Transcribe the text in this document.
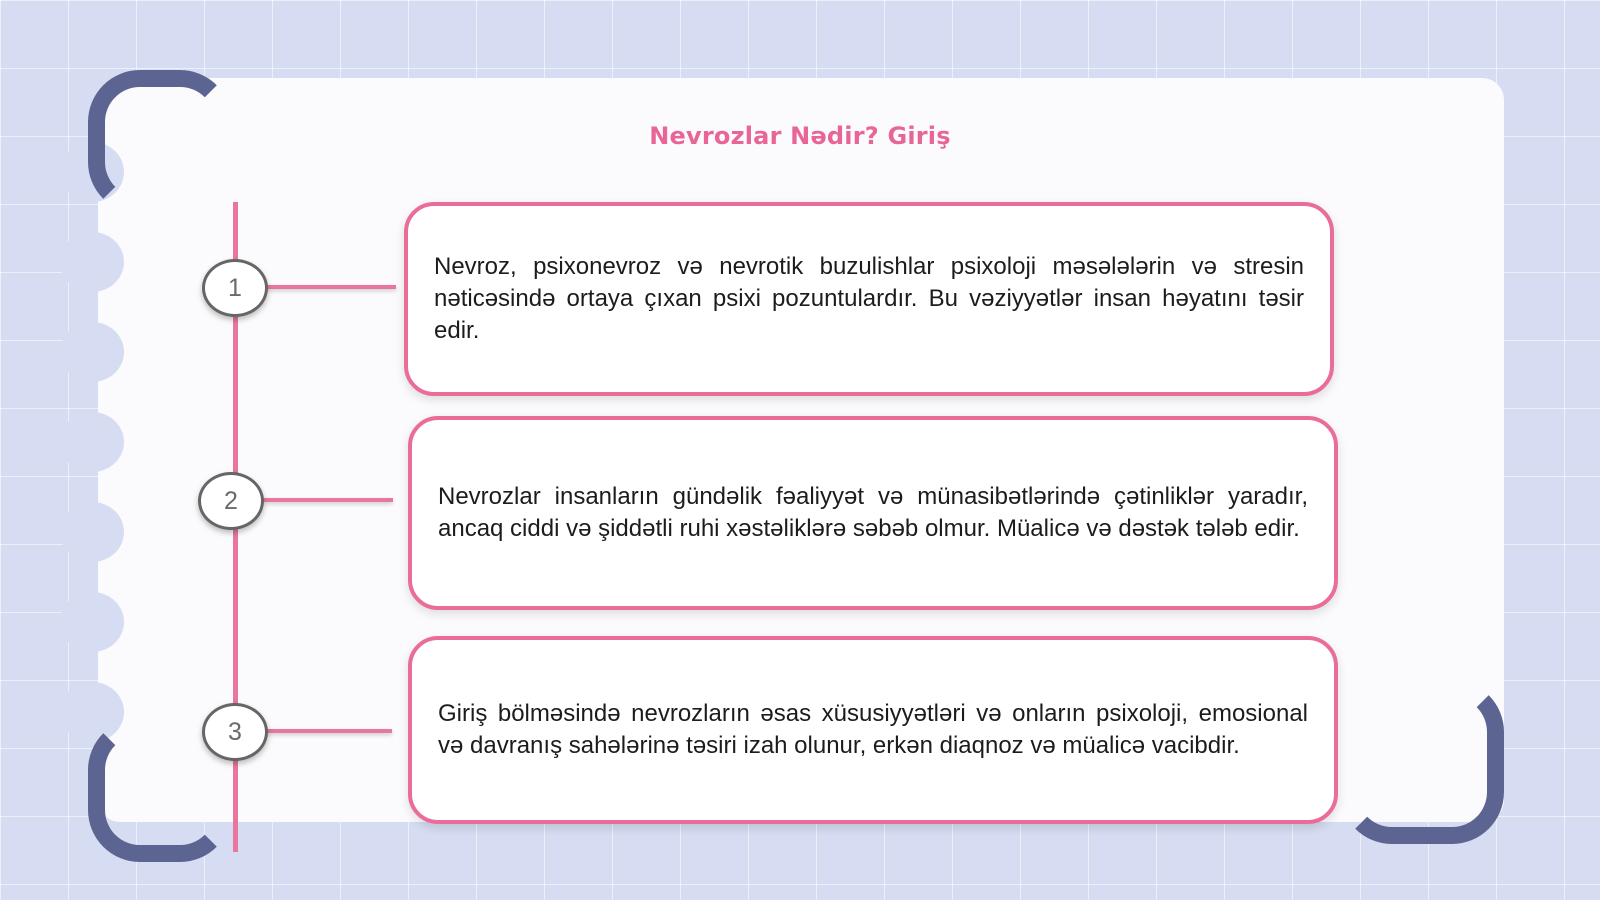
Nevrozlar Nədir? Giriş
1
2
3

Nevroz, psixonevroz və nevrotik buzulishlar psixoloji məsələlərin və stresin nəticəsində ortaya çıxan psixi pozuntulardır. Bu vəziyyətlər insan həyatını təsir edir.

Nevrozlar insanların gündəlik fəaliyyət və münasibətlərində çətinliklər yaradır, ancaq ciddi və şiddətli ruhi xəstəliklərə səbəb olmur. Müalicə və dəstək tələb edir.

Giriş bölməsində nevrozların əsas xüsusiyyətləri və onların psixoloji, emosional və davranış sahələrinə təsiri izah olunur, erkən diaqnoz və müalicə vacibdir.
